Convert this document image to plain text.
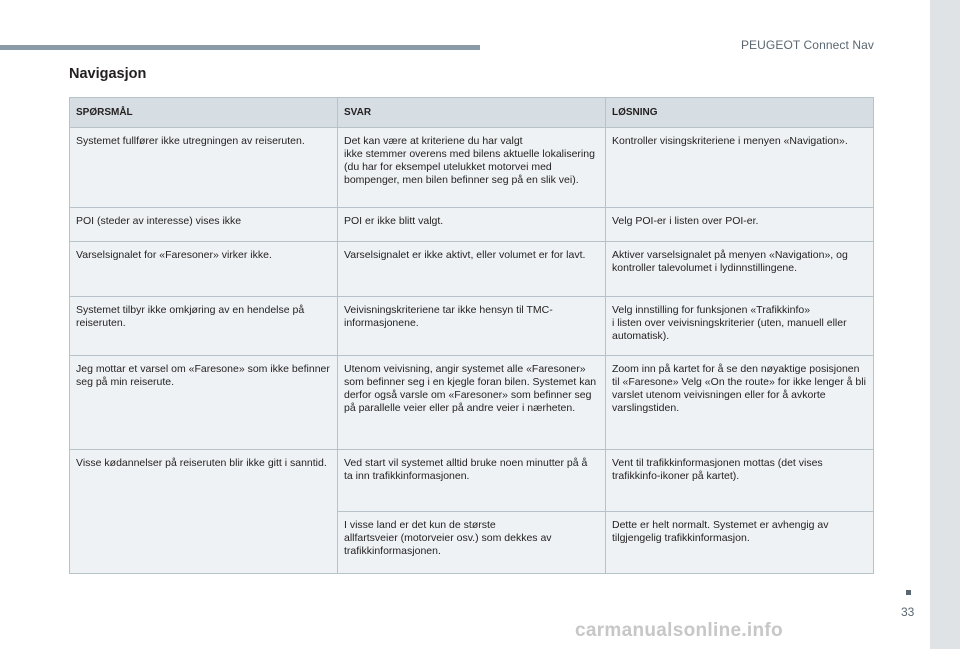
PEUGEOT Connect Nav
Navigasjon
SPØRSMÅL	SVAR	LØSNING
Systemet fullfører ikke utregningen av reiseruten.	Det kan være at kriteriene du har valgt
ikke stemmer overens med bilens aktuelle lokalisering (du har for eksempel utelukket motorvei med bompenger, men bilen befinner seg på en slik vei).	Kontroller visingskriteriene i menyen «Navigation».
POI (steder av interesse) vises ikke	POI er ikke blitt valgt.	Velg POI-er i listen over POI-er.
Varselsignalet for «Faresoner» virker ikke.	Varselsignalet er ikke aktivt, eller volumet er for lavt.	Aktiver varselsignalet på menyen «Navigation», og kontroller talevolumet i lydinnstillingene.
Systemet tilbyr ikke omkjøring av en hendelse på reiseruten.	Veivisningskriteriene tar ikke hensyn til TMC-informasjonene.	Velg innstilling for funksjonen «Trafikkinfo»
i listen over veivisningskriterier (uten, manuell eller automatisk).
Jeg mottar et varsel om «Faresone» som ikke befinner seg på min reiserute.	Utenom veivisning, angir systemet alle «Faresoner» som befinner seg i en kjegle foran bilen. Systemet kan derfor også varsle om «Faresoner» som befinner seg på parallelle veier eller på andre veier i nærheten.	Zoom inn på kartet for å se den nøyaktige posisjonen til «Faresone» Velg «On the route» for ikke lenger å bli varslet utenom veivisningen eller for å avkorte varslingstiden.
Visse kødannelser på reiseruten blir ikke gitt i sanntid.	Ved start vil systemet alltid bruke noen minutter på å ta inn trafikkinformasjonen.	Vent til trafikkinformasjonen mottas (det vises trafikkinfo-ikoner på kartet).
	I visse land er det kun de største
allfartsveier (motorveier osv.) som dekkes av trafikkinformasjonen.	Dette er helt normalt. Systemet er avhengig av tilgjengelig trafikkinformasjon.
33
carmanualsonline.info
